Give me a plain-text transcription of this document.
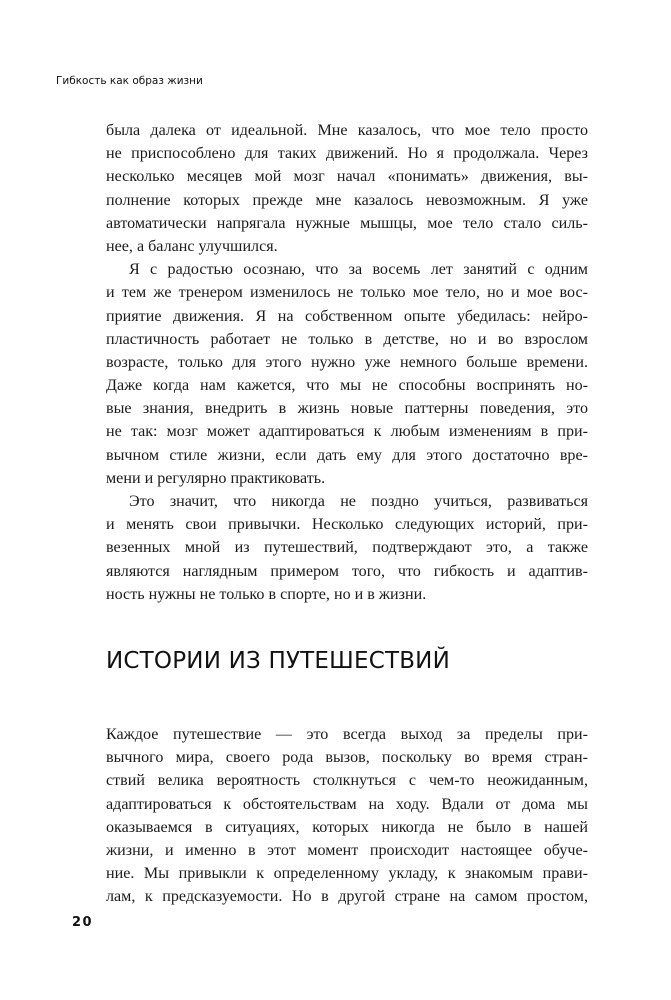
Гибкость как образ жизни
была далека от идеальной. Мне казалось, что мое тело просто
не приспособлено для таких движений. Но я продолжала. Через
несколько месяцев мой мозг начал «понимать» движения, вы-
полнение которых прежде мне казалось невозможным. Я уже
автоматически напрягала нужные мышцы, мое тело стало силь-
нее, а баланс улучшился.
Я с радостью осознаю, что за восемь лет занятий с одним
и тем же тренером изменилось не только мое тело, но и мое вос-
приятие движения. Я на собственном опыте убедилась: нейро-
пластичность работает не только в детстве, но и во взрослом
возрасте, только для этого нужно уже немного больше времени.
Даже когда нам кажется, что мы не способны воспринять но-
вые знания, внедрить в жизнь новые паттерны поведения, это
не так: мозг может адаптироваться к любым изменениям в при-
вычном стиле жизни, если дать ему для этого достаточно вре-
мени и регулярно практиковать.
Это значит, что никогда не поздно учиться, развиваться
и менять свои привычки. Несколько следующих историй, при-
везенных мной из путешествий, подтверждают это, а также
являются наглядным примером того, что гибкость и адаптив-
ность нужны не только в спорте, но и в жизни.
ИСТОРИИ ИЗ ПУТЕШЕСТВИЙ
Каждое путешествие — это всегда выход за пределы при-
вычного мира, своего рода вызов, поскольку во время стран-
ствий велика вероятность столкнуться с чем-то неожиданным,
адаптироваться к обстоятельствам на ходу. Вдали от дома мы
оказываемся в ситуациях, которых никогда не было в нашей
жизни, и именно в этот момент происходит настоящее обуче-
ние. Мы привыкли к определенному укладу, к знакомым прави-
лам, к предсказуемости. Но в другой стране на самом простом,
20
